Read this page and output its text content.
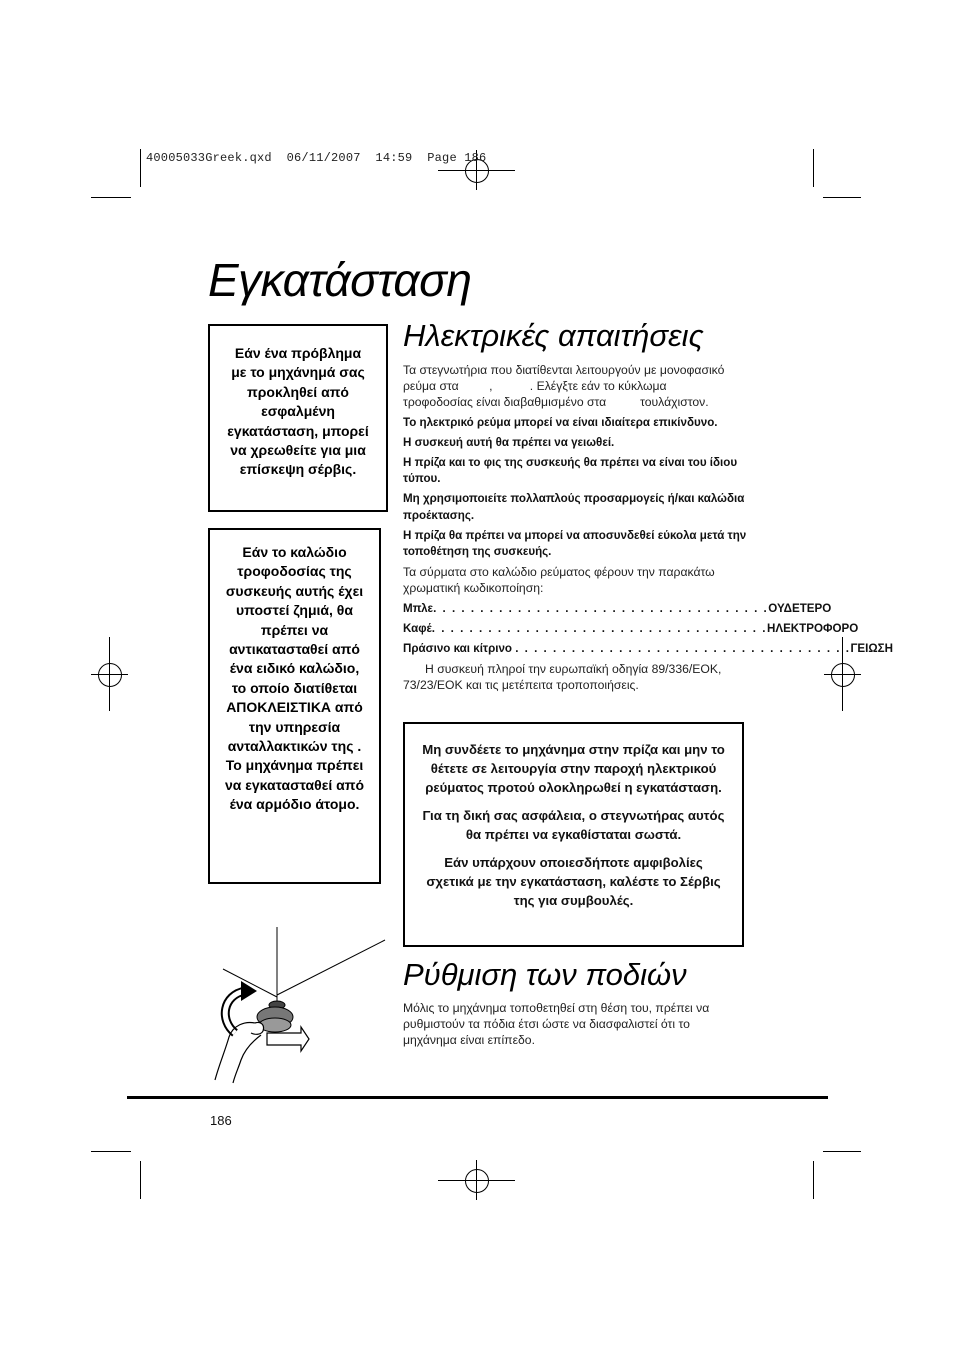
40005033Greek.qxd  06/11/2007  14:59  Page 186
Εγκατάσταση

Εάν ένα πρόβλημα με το μηχάνημά σας προκληθεί από εσφαλμένη εγκατάσταση, μπορεί να χρεωθείτε για μια επίσκεψη σέρβις.

Εάν το καλώδιο τροφοδοσίας της συσκευής αυτής έχει υποστεί ζημιά, θα πρέπει να αντικατασταθεί από ένα ειδικό καλώδιο, το οποίο διατίθεται ΑΠΟΚΛΕΙΣΤΙΚΑ από την υπηρεσία ανταλλακτικών της . Το μηχάνημα πρέπει να εγκατασταθεί από ένα αρμόδιο άτομο.

Ηλεκτρικές απαιτήσεις

Τα στεγνωτήρια που διατίθενται λειτουργούν με μονοφασικό

ρεύμα στα         ,           . Ελέγξτε εάν το κύκλωμα

τροφοδοσίας είναι διαβαθμισμένο στα          τουλάχιστον.

Το ηλεκτρικό ρεύμα μπορεί να είναι ιδιαίτερα επικίνδυνο.

Η συσκευή αυτή θα πρέπει να γειωθεί.

Η πρίζα και το φις της συσκευής θα πρέπει να είναι του ίδιου τύπου.

Μη χρησιμοποιείτε πολλαπλούς προσαρμογείς ή/και καλώδια προέκτασης.

Η πρίζα θα πρέπει να μπορεί να αποσυνδεθεί εύκολα μετά την τοποθέτηση της συσκευής.

Τα σύρματα στο καλώδιο ρεύματος φέρουν την παρακάτω χρωματική κωδικοποίηση:

Μπλε . . . . . . . . . . . . . . . . . . . . . . . . . . . . . . . . . . . . ΟΥΔΕΤΕΡΟ
Καφέ . . . . . . . . . . . . . . . . . . . . . . . . . . . . . . . . . . . . ΗΛΕΚΤΡΟΦΟΡΟ
Πράσινο και κίτρινο . . . . . . . . . . . . . . . . . . . . . . . . . . . . . . . . . . . . ΓΕΙΩΣΗ

Η συσκευή πληροί την ευρωπαϊκή οδηγία 89/336/ΕΟΚ, 73/23/ΕΟΚ και τις μετέπειτα τροποποιήσεις.

Μη συνδέετε το μηχάνημα στην πρίζα και μην το θέτετε σε λειτουργία στην παροχή ηλεκτρικού ρεύματος προτού ολοκληρωθεί η εγκατάσταση.

Για τη δική σας ασφάλεια, ο στεγνωτήρας αυτός θα πρέπει να εγκαθίσταται σωστά.

Εάν υπάρχουν οποιεσδήποτε αμφιβολίες σχετικά με την εγκατάσταση, καλέστε το Σέρβις της για συμβουλές.

Ρύθμιση των ποδιών

Μόλις το μηχάνημα τοποθετηθεί στη θέση του, πρέπει να ρυθμιστούν τα πόδια έτσι ώστε να διασφαλιστεί ότι το μηχάνημα είναι επίπεδο.

186
